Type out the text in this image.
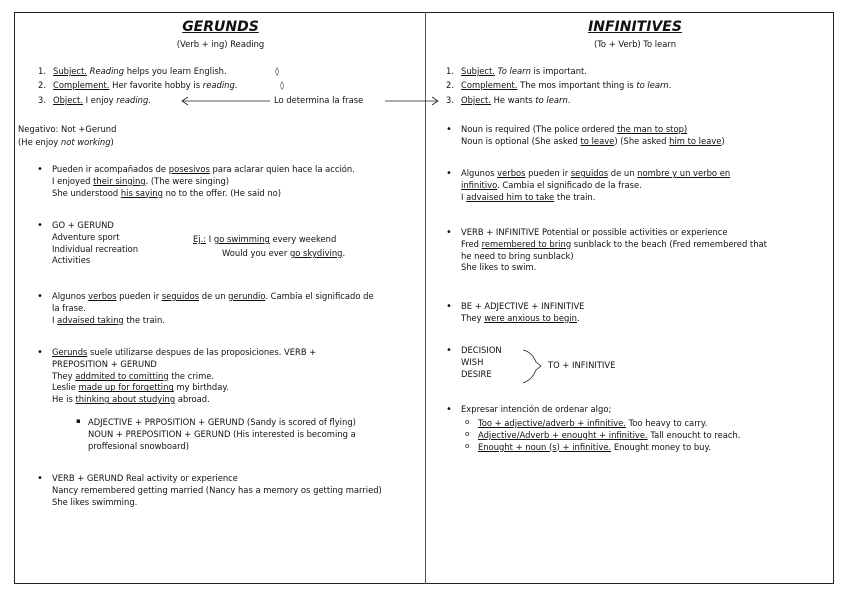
GERUNDS
(Verb + ing) Reading
1. Subject. Reading helps you learn English.	◊
2. Complement. Her favorite hobby is reading.	◊
3. Object. I enjoy reading.	Lo determina la frase
Negativo: Not +Gerund
(He enjoy not working)
• Pueden ir acompañados de posesivos para aclarar quien hace la acción.
I enjoyed their singing. (The were singing)
She understood his saying no to the offer. (He said no)
• GO + GERUND
Adventure sport
Individual recreation
Activities
Ej.: I go swimming every weekend
Would you ever go skydiving.
• Algunos verbos pueden ir seguidos de un gerundio. Cambia el significado de
la frase.
I advaised taking the train.
• Gerunds suele utilizarse despues de las proposiciones. VERB +
PREPOSITION + GERUND
They addmited to comitting the crime.
Leslie made up for forgetting my birthday.
He is thinking about studying abroad.
▪ ADJECTIVE + PRPOSITION + GERUND (Sandy is scored of flying)
NOUN + PREPOSITION + GERUND (His interested is becoming a
proffesional snowboard)
• VERB + GERUND Real activity or experience
Nancy remembered getting married (Nancy has a memory os getting married)
She likes swimming.
INFINITIVES
(To + Verb) To learn
1. Subject. To learn is important.
2. Complement. The mos important thing is to learn.
3. Object. He wants to learn.
• Noun is required (The police ordered the man to stop)
Noun is optional (She asked to leave) (She asked him to leave)
• Algunos verbos pueden ir seguidos de un nombre y un verbo en
infinitivo. Cambia el significado de la frase.
I advaised him to take the train.
• VERB + INFINITIVE Potential or possible activities or experience
Fred remembered to bring sunblack to the beach (Fred remembered that
he need to bring sunblack)
She likes to swim.
• BE + ADJECTIVE + INFINITIVE
They were anxious to begin.
• DECISION
WISH
DESIRE
TO + INFINITIVE
• Expresar intención de ordenar algo;
o Too + adjective/adverb + infinitive. Too heavy to carry.
o Adjective/Adverb + enought + infinitive. Tall enoucht to reach.
o Enought + noun (s) + infinitive. Enought money to buy.
